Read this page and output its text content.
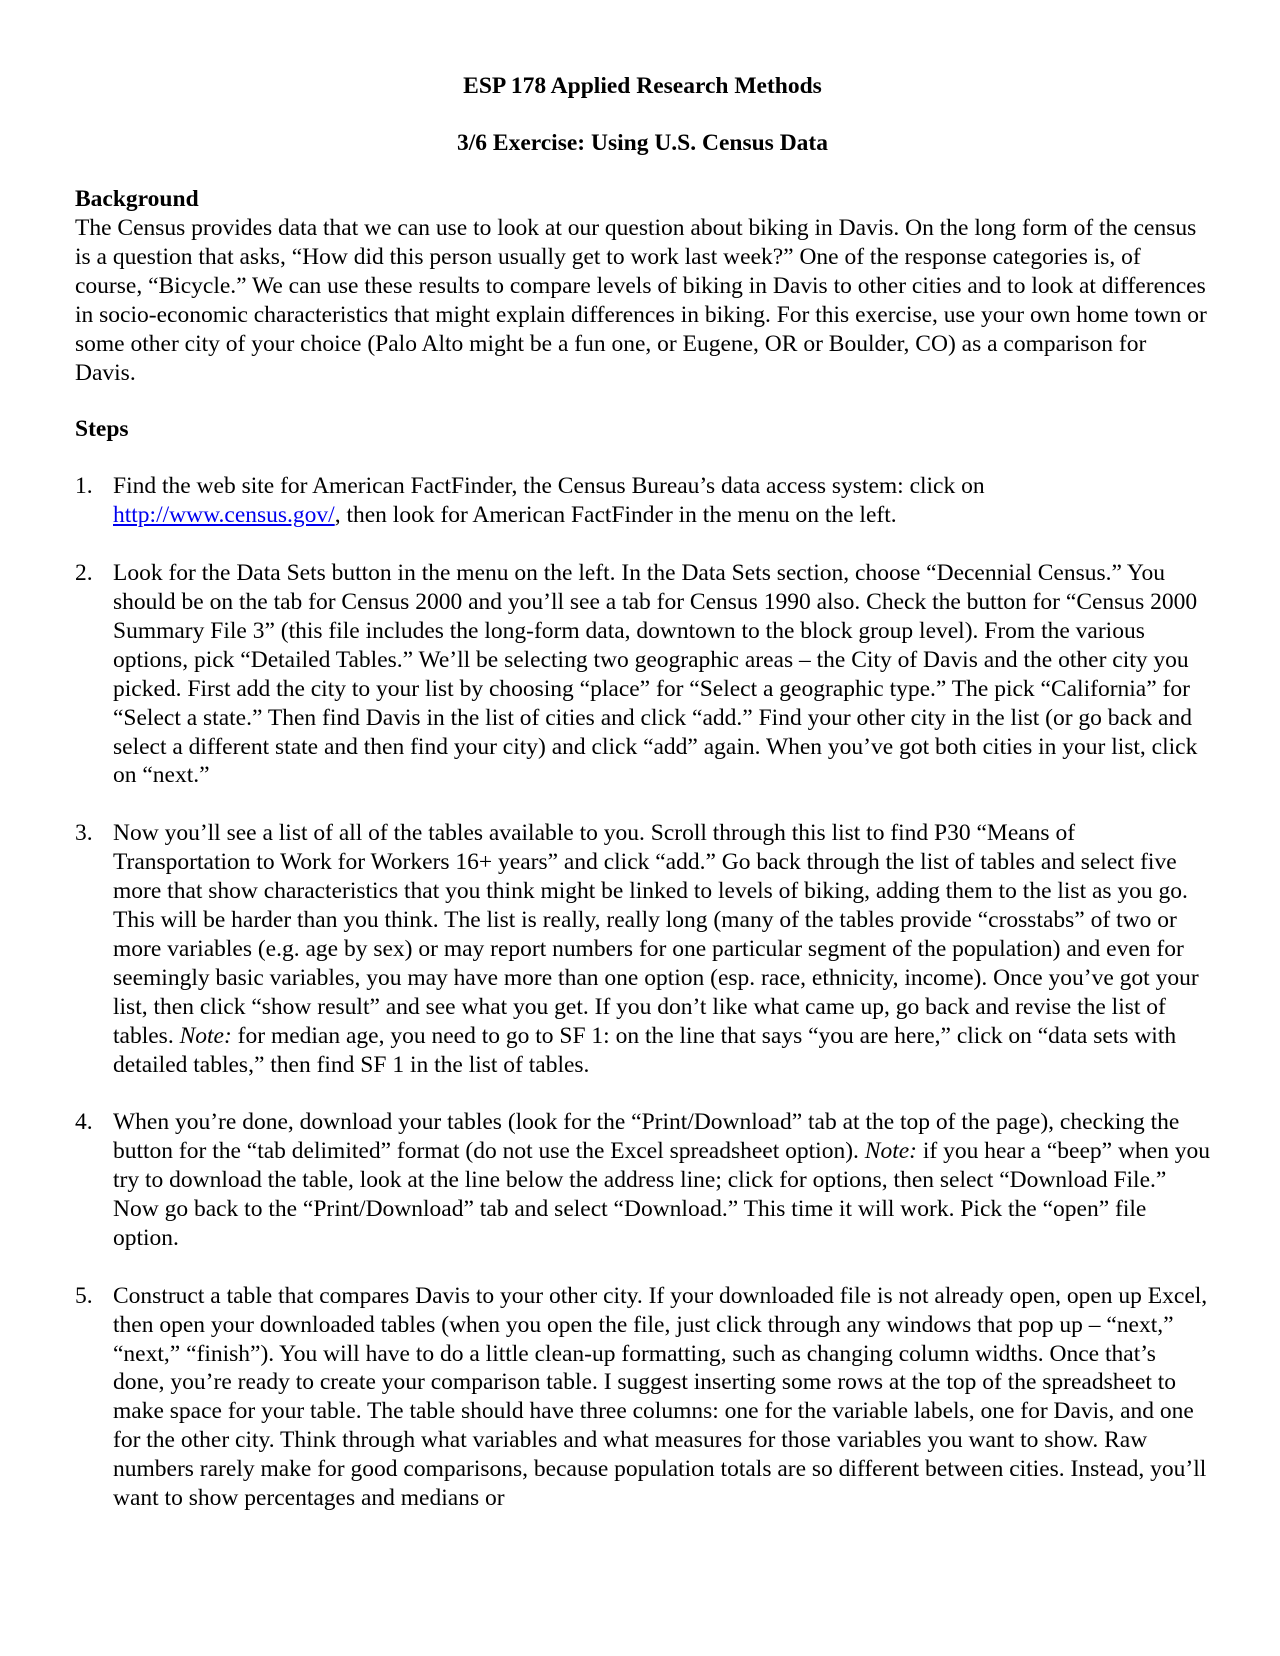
ESP 178 Applied Research Methods
3/6 Exercise: Using U.S. Census Data
Background

The Census provides data that we can use to look at our question about biking in Davis. On the long form of the census is a question that asks, “How did this person usually get to work last week?” One of the response categories is, of course, “Bicycle.” We can use these results to compare levels of biking in Davis to other cities and to look at differences in socio-economic characteristics that might explain differences in biking. For this exercise, use your own home town or some other city of your choice (Palo Alto might be a fun one, or Eugene, OR or Boulder, CO) as a comparison for Davis.

Steps
1. Find the web site for American FactFinder, the Census Bureau’s data access system: click on http://www.census.gov/, then look for American FactFinder in the menu on the left.
2. Look for the Data Sets button in the menu on the left. In the Data Sets section, choose “Decennial Census.” You should be on the tab for Census 2000 and you’ll see a tab for Census 1990 also. Check the button for “Census 2000 Summary File 3” (this file includes the long-form data, downtown to the block group level). From the various options, pick “Detailed Tables.” We’ll be selecting two geographic areas – the City of Davis and the other city you picked. First add the city to your list by choosing “place” for “Select a geographic type.” The pick “California” for “Select a state.” Then find Davis in the list of cities and click “add.” Find your other city in the list (or go back and select a different state and then find your city) and click “add” again. When you’ve got both cities in your list, click on “next.”
3. Now you’ll see a list of all of the tables available to you. Scroll through this list to find P30 “Means of Transportation to Work for Workers 16+ years” and click “add.” Go back through the list of tables and select five more that show characteristics that you think might be linked to levels of biking, adding them to the list as you go. This will be harder than you think. The list is really, really long (many of the tables provide “crosstabs” of two or more variables (e.g. age by sex) or may report numbers for one particular segment of the population) and even for seemingly basic variables, you may have more than one option (esp. race, ethnicity, income). Once you’ve got your list, then click “show result” and see what you get. If you don’t like what came up, go back and revise the list of tables. Note: for median age, you need to go to SF 1: on the line that says “you are here,” click on “data sets with detailed tables,” then find SF 1 in the list of tables.
4. When you’re done, download your tables (look for the “Print/Download” tab at the top of the page), checking the button for the “tab delimited” format (do not use the Excel spreadsheet option). Note: if you hear a “beep” when you try to download the table, look at the line below the address line; click for options, then select “Download File.” Now go back to the “Print/Download” tab and select “Download.” This time it will work. Pick the “open” file option.
5. Construct a table that compares Davis to your other city. If your downloaded file is not already open, open up Excel, then open your downloaded tables (when you open the file, just click through any windows that pop up – “next,” “next,” “finish”). You will have to do a little clean-up formatting, such as changing column widths. Once that’s done, you’re ready to create your comparison table. I suggest inserting some rows at the top of the spreadsheet to make space for your table. The table should have three columns: one for the variable labels, one for Davis, and one for the other city. Think through what variables and what measures for those variables you want to show. Raw numbers rarely make for good comparisons, because population totals are so different between cities. Instead, you’ll want to show percentages and medians or
